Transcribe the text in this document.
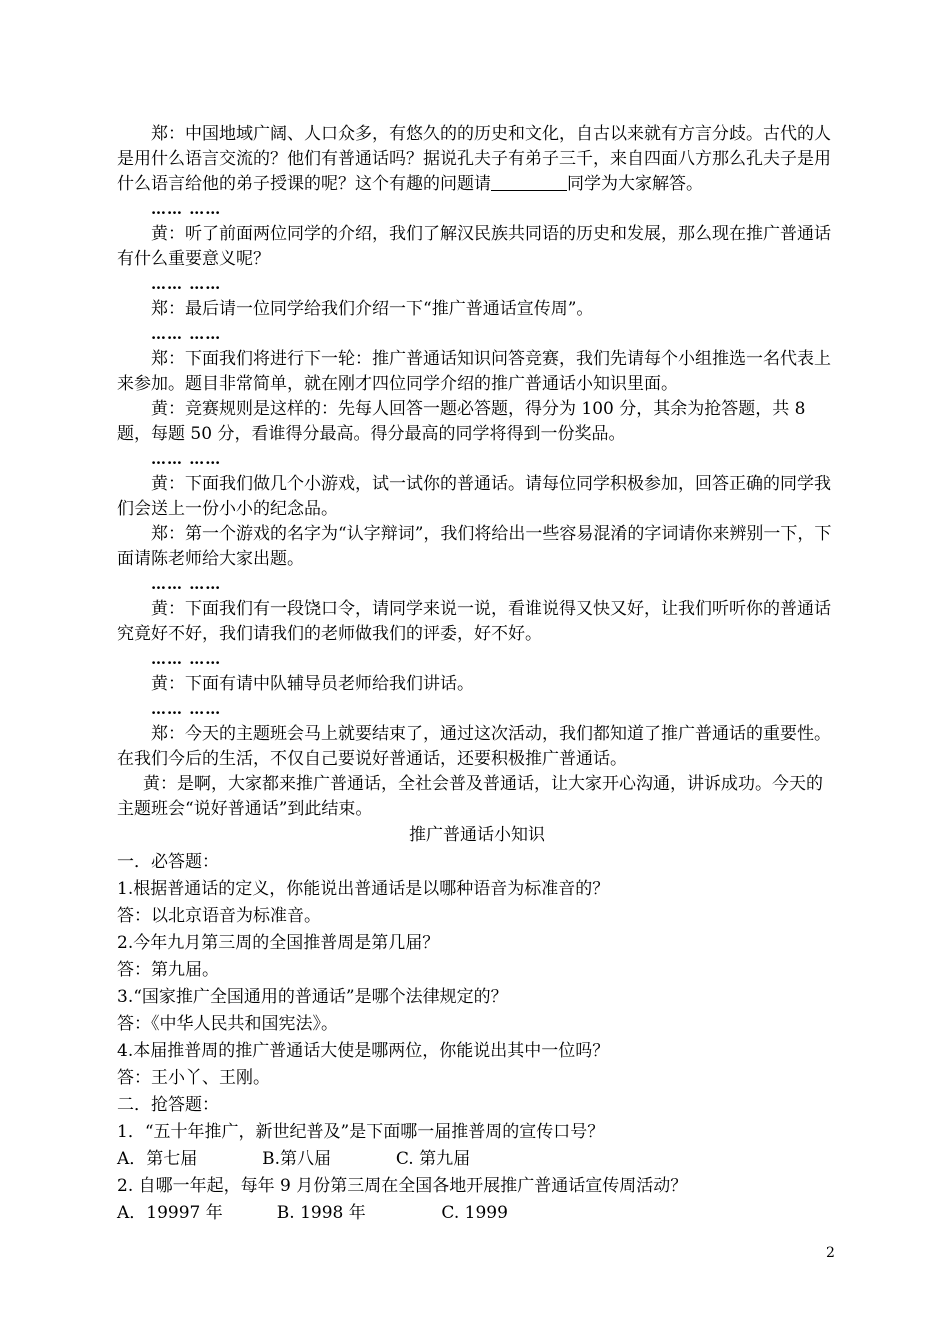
郑：中国地域广阔、人口众多，有悠久的的历史和文化，自古以来就有方言分歧。古代的人是用什么语言交流的？他们有普通话吗？据说孔夫子有弟子三千，来自四面八方那么孔夫子是用什么语言给他的弟子授课的呢？这个有趣的问题请	同学为大家解答。

…… ……

黄：听了前面两位同学的介绍，我们了解汉民族共同语的历史和发展，那么现在推广普通话有什么重要意义呢？

…… ……

郑：最后请一位同学给我们介绍一下“推广普通话宣传周”。

…… ……

郑：下面我们将进行下一轮：推广普通话知识问答竞赛，我们先请每个小组推选一名代表上来参加。题目非常简单，就在刚才四位同学介绍的推广普通话小知识里面。

黄：竞赛规则是这样的：先每人回答一题必答题，得分为 100 分，其余为抢答题，共 8 题，每题 50 分，看谁得分最高。得分最高的同学将得到一份奖品。

…… ……

黄：下面我们做几个小游戏，试一试你的普通话。请每位同学积极参加，回答正确的同学我们会送上一份小小的纪念品。

郑：第一个游戏的名字为“认字辩词”，我们将给出一些容易混淆的字词请你来辨别一下，下面请陈老师给大家出题。

…… ……

黄：下面我们有一段饶口令，请同学来说一说，看谁说得又快又好，让我们听听你的普通话究竟好不好，我们请我们的老师做我们的评委，好不好。

…… ……

黄：下面有请中队辅导员老师给我们讲话。

…… ……

郑：今天的主题班会马上就要结束了，通过这次活动，我们都知道了推广普通话的重要性。在我们今后的生活，不仅自己要说好普通话，还要积极推广普通话。

黄：是啊，大家都来推广普通话，全社会普及普通话，让大家开心沟通，讲诉成功。今天的主题班会“说好普通话”到此结束。

推广普通话小知识

一．必答题：

1.根据普通话的定义，你能说出普通话是以哪种语音为标准音的？

答：以北京语音为标准音。

2.今年九月第三周的全国推普周是第几届？

答：第九届。

3.“国家推广全国通用的普通话”是哪个法律规定的？

答：《中华人民共和国宪法》。

4.本届推普周的推广普通话大使是哪两位，你能说出其中一位吗？

答：王小丫、王刚。

二．抢答题：

1．“五十年推广，新世纪普及”是下面哪一届推普周的宣传口号？

A．第七届            B.第八届            C. 第九届

2. 自哪一年起，每年 9 月份第三周在全国各地开展推广普通话宣传周活动？

A．19997 年          B. 1998 年              C. 1999

2
